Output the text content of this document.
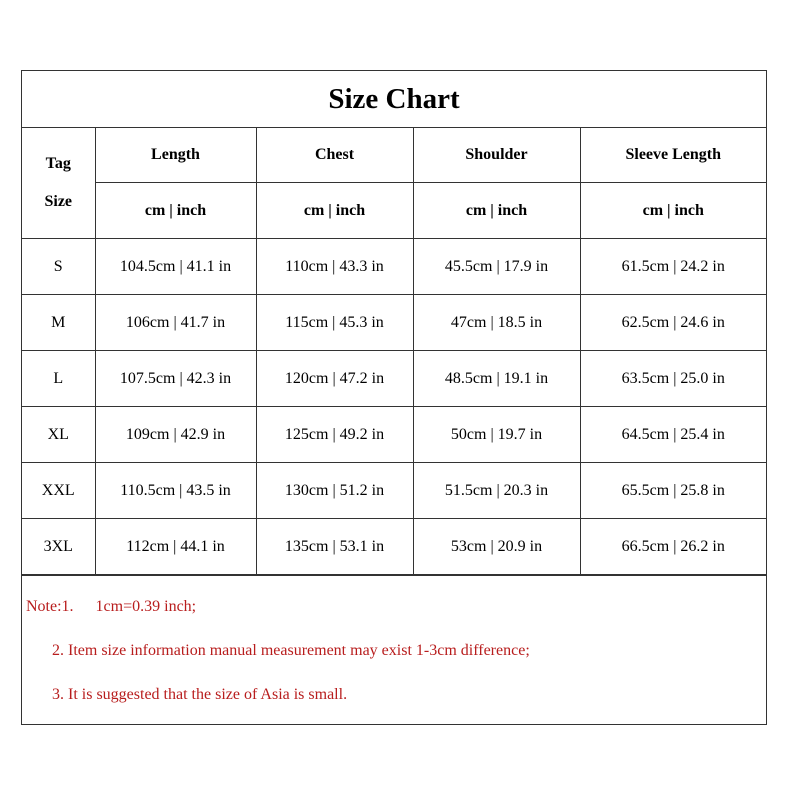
Size Chart
Tag
Size	Length	Chest	Shoulder	Sleeve Length
	cm | inch	cm | inch	cm | inch	cm | inch
S	104.5cm | 41.1 in	110cm | 43.3 in	45.5cm | 17.9 in	61.5cm | 24.2 in
M	106cm | 41.7 in	115cm | 45.3 in	47cm | 18.5 in	62.5cm | 24.6 in
L	107.5cm | 42.3 in	120cm | 47.2 in	48.5cm | 19.1 in	63.5cm | 25.0 in
XL	109cm | 42.9 in	125cm | 49.2 in	50cm | 19.7 in	64.5cm | 25.4 in
XXL	110.5cm | 43.5 in	130cm | 51.2 in	51.5cm | 20.3 in	65.5cm | 25.8 in
3XL	112cm | 44.1 in	135cm | 53.1 in	53cm | 20.9 in	66.5cm | 26.2 in
Note:1. 1cm=0.39 inch;
2. Item size information manual measurement may exist 1-3cm difference;
3. It is suggested that the size of Asia is small.
